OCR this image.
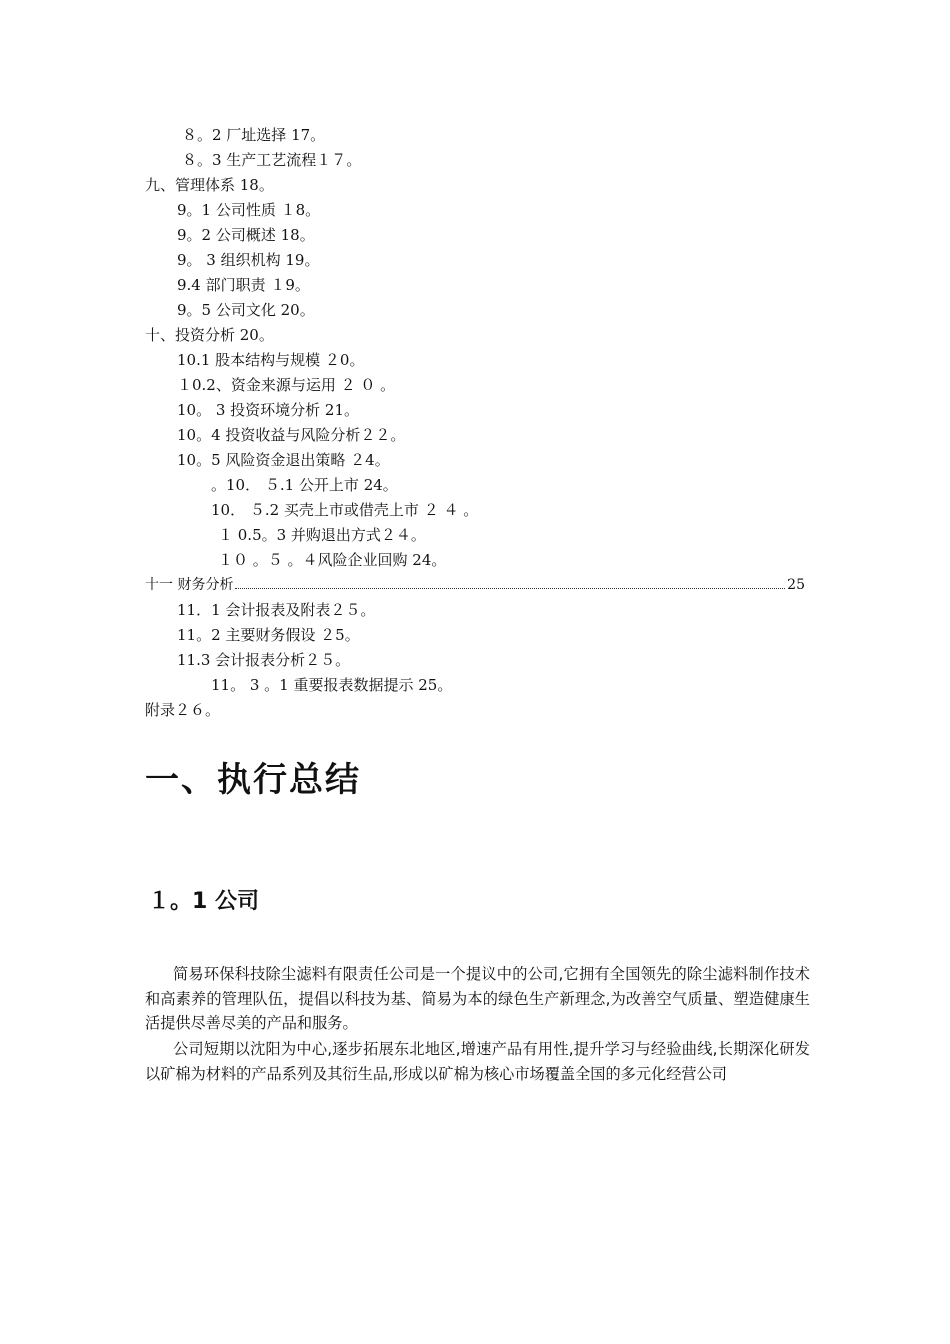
８。2 厂址选择 17。
８。3 生产工艺流程１７。
九、管理体系 18。
9。1 公司性质 １8。
9。2 公司概述 18。
9。 3 组织机构 19。
9.4 部门职责 １9。
9。5 公司文化 20。
十、投资分析 20。
10.1 股本结构与规模 ２0。
１0.2、资金来源与运用 ２ ０ 。
10。 3 投资环境分析 21。
10。4 投资收益与风险分析２２。
10。5 风险资金退出策略 ２4。
。10． ５.1 公开上市 24。
10． ５.2 买壳上市或借壳上市 ２ ４ 。
１ 0.5。3 并购退出方式２４。
１０ 。５ 。４风险企业回购 24。
十一 财务分析	25
11．1 会计报表及附表２５。
11。2 主要财务假设 ２5。
11.3 会计报表分析２５。
11。 3 。1 重要报表数据提示 25。
附录２６。
一、执行总结
１。1 公司

简易环保科技除尘滤料有限责任公司是一个提议中的公司,它拥有全国领先的除尘滤料制作技术和高素养的管理队伍，提倡以科技为基、简易为本的绿色生产新理念,为改善空气质量、塑造健康生活提供尽善尽美的产品和服务。

公司短期以沈阳为中心,逐步拓展东北地区,增速产品有用性,提升学习与经验曲线,长期深化研发以矿棉为材料的产品系列及其衍生品,形成以矿棉为核心市场覆盖全国的多元化经营公司
